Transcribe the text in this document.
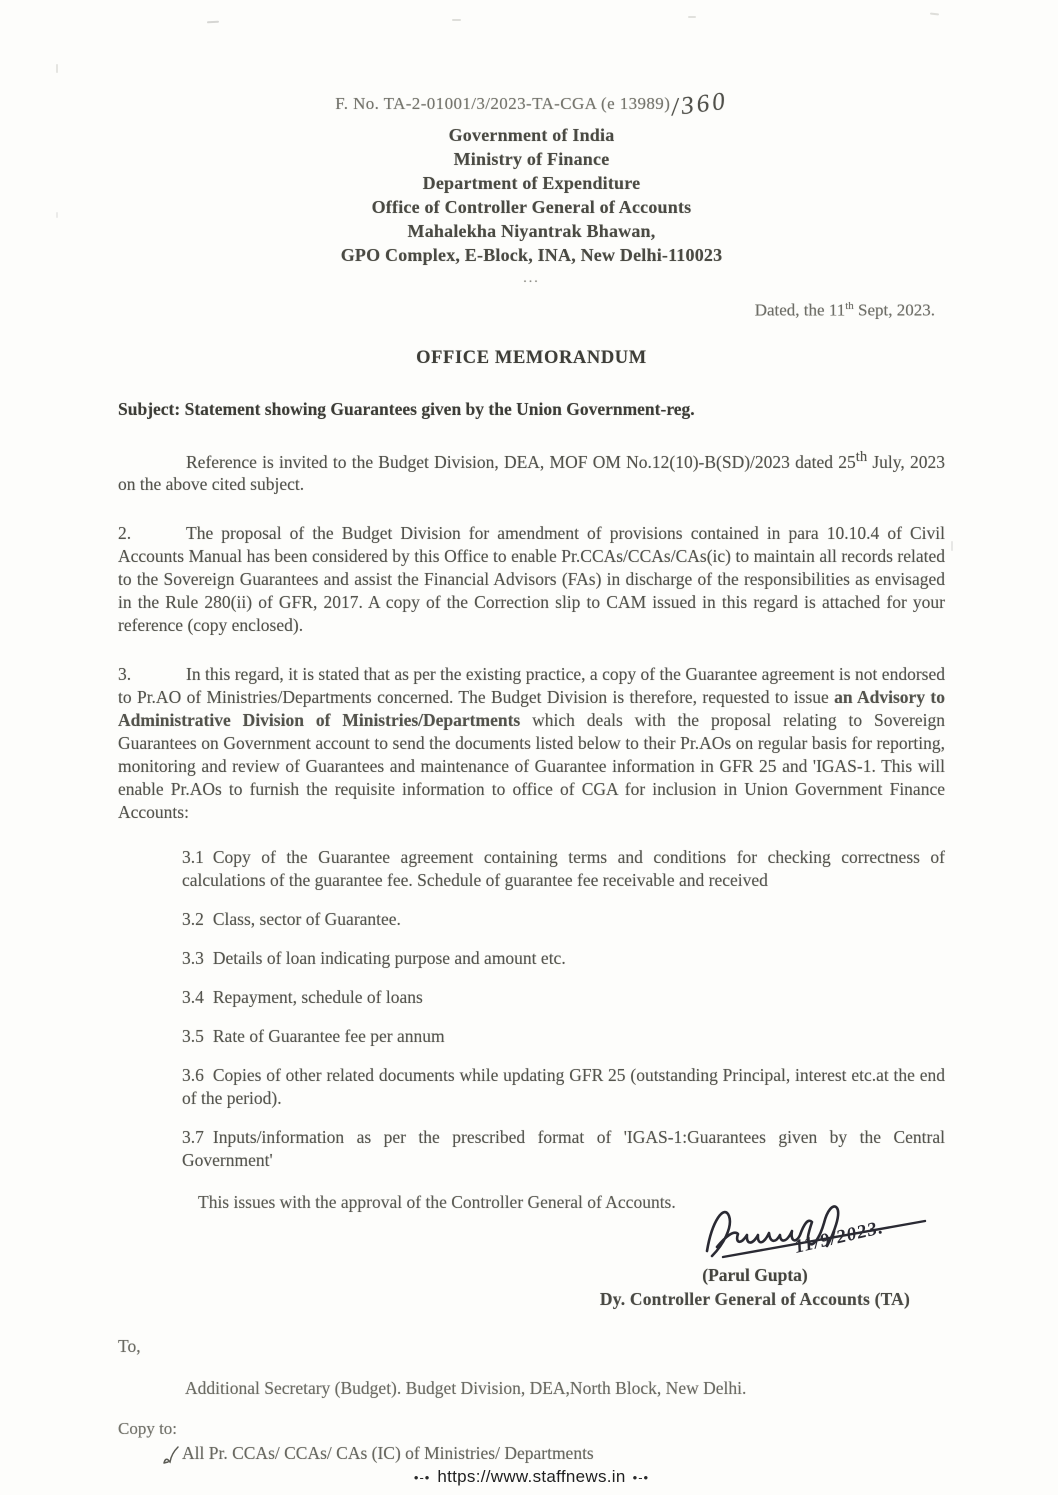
F. No. TA-2-01001/3/2023-TA-CGA (e 13989)/360
Government of India
Ministry of Finance
Department of Expenditure
Office of Controller General of Accounts
Mahalekha Niyantrak Bhawan,
GPO Complex, E-Block, INA, New Delhi-110023
...
Dated, the 11th Sept, 2023.
OFFICE MEMORANDUM
Subject: Statement showing Guarantees given by the Union Government-reg.

Reference is invited to the Budget Division, DEA, MOF OM No.12(10)-B(SD)/2023 dated 25th July, 2023 on the above cited subject.

2.	The proposal of the Budget Division for amendment of provisions contained in para 10.10.4 of Civil Accounts Manual has been considered by this Office to enable Pr.CCAs/CCAs/CAs(ic) to maintain all records related to the Sovereign Guarantees and assist the Financial Advisors (FAs) in discharge of the responsibilities as envisaged in the Rule 280(ii) of GFR, 2017. A copy of the Correction slip to CAM issued in this regard is attached for your reference (copy enclosed).

3.	In this regard, it is stated that as per the existing practice, a copy of the Guarantee agreement is not endorsed to Pr.AO of Ministries/Departments concerned. The Budget Division is therefore, requested to issue an Advisory to Administrative Division of Ministries/Departments which deals with the proposal relating to Sovereign Guarantees on Government account to send the documents listed below to their Pr.AOs on regular basis for reporting, monitoring and review of Guarantees and maintenance of Guarantee information in GFR 25 and 'IGAS-1. This will enable Pr.AOs to furnish the requisite information to office of CGA for inclusion in Union Government Finance Accounts:

3.1 Copy of the Guarantee agreement containing terms and conditions for checking correctness of calculations of the guarantee fee. Schedule of guarantee fee receivable and received

3.2 Class, sector of Guarantee.

3.3 Details of loan indicating purpose and amount etc.

3.4 Repayment, schedule of loans

3.5 Rate of Guarantee fee per annum

3.6 Copies of other related documents while updating GFR 25 (outstanding Principal, interest etc.at the end of the period).

3.7 Inputs/information as per the prescribed format of 'IGAS-1:Guarantees given by the Central Government'

This issues with the approval of the Controller General of Accounts.

11/9/2023.
(Parul Gupta)
Dy. Controller General of Accounts (TA)
To,
Additional Secretary (Budget). Budget Division, DEA,North Block, New Delhi.
Copy to:
All Pr. CCAs/ CCAs/ CAs (IC) of Ministries/ Departments
•-• https://www.staffnews.in •-•
